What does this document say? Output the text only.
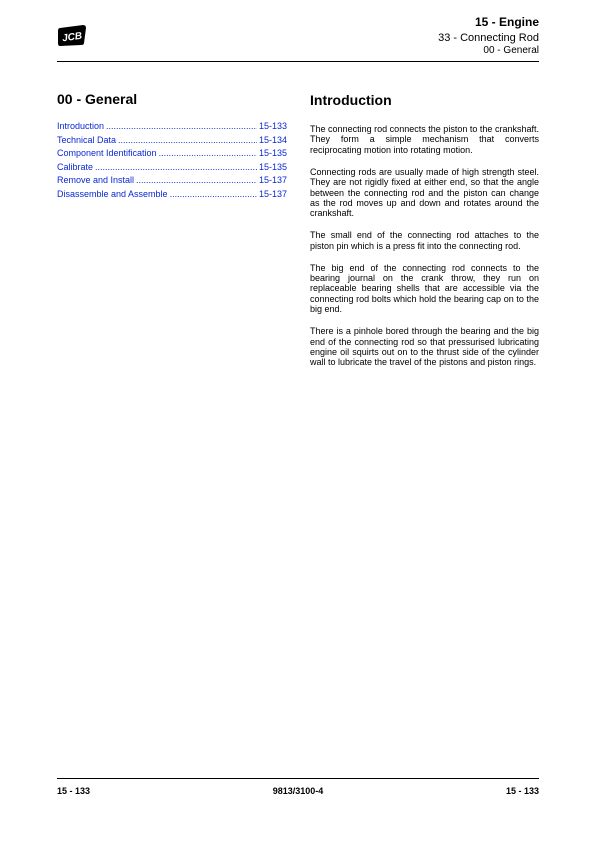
JCB
15 - Engine
33 - Connecting Rod
00 - General
00 - General
Introduction .....	15-133
Technical Data .....	15-134
Component Identification .....	15-135
Calibrate .....	15-135
Remove and Install .....	15-137
Disassemble and Assemble .....	15-137
Introduction

The connecting rod connects the piston to the crankshaft. They form a simple mechanism that converts reciprocating motion into rotating motion.

Connecting rods are usually made of high strength steel. They are not rigidly fixed at either end, so that the angle between the connecting rod and the piston can change as the rod moves up and down and rotates around the crankshaft.

The small end of the connecting rod attaches to the piston pin which is a press fit into the connecting rod.

The big end of the connecting rod connects to the bearing journal on the crank throw, they run on replaceable bearing shells that are accessible via the connecting rod bolts which hold the bearing cap on to the big end.

There is a pinhole bored through the bearing and the big end of the connecting rod so that pressurised lubricating engine oil squirts out on to the thrust side of the cylinder wall to lubricate the travel of the pistons and piston rings.

15 - 133	9813/3100-4	15 - 133
